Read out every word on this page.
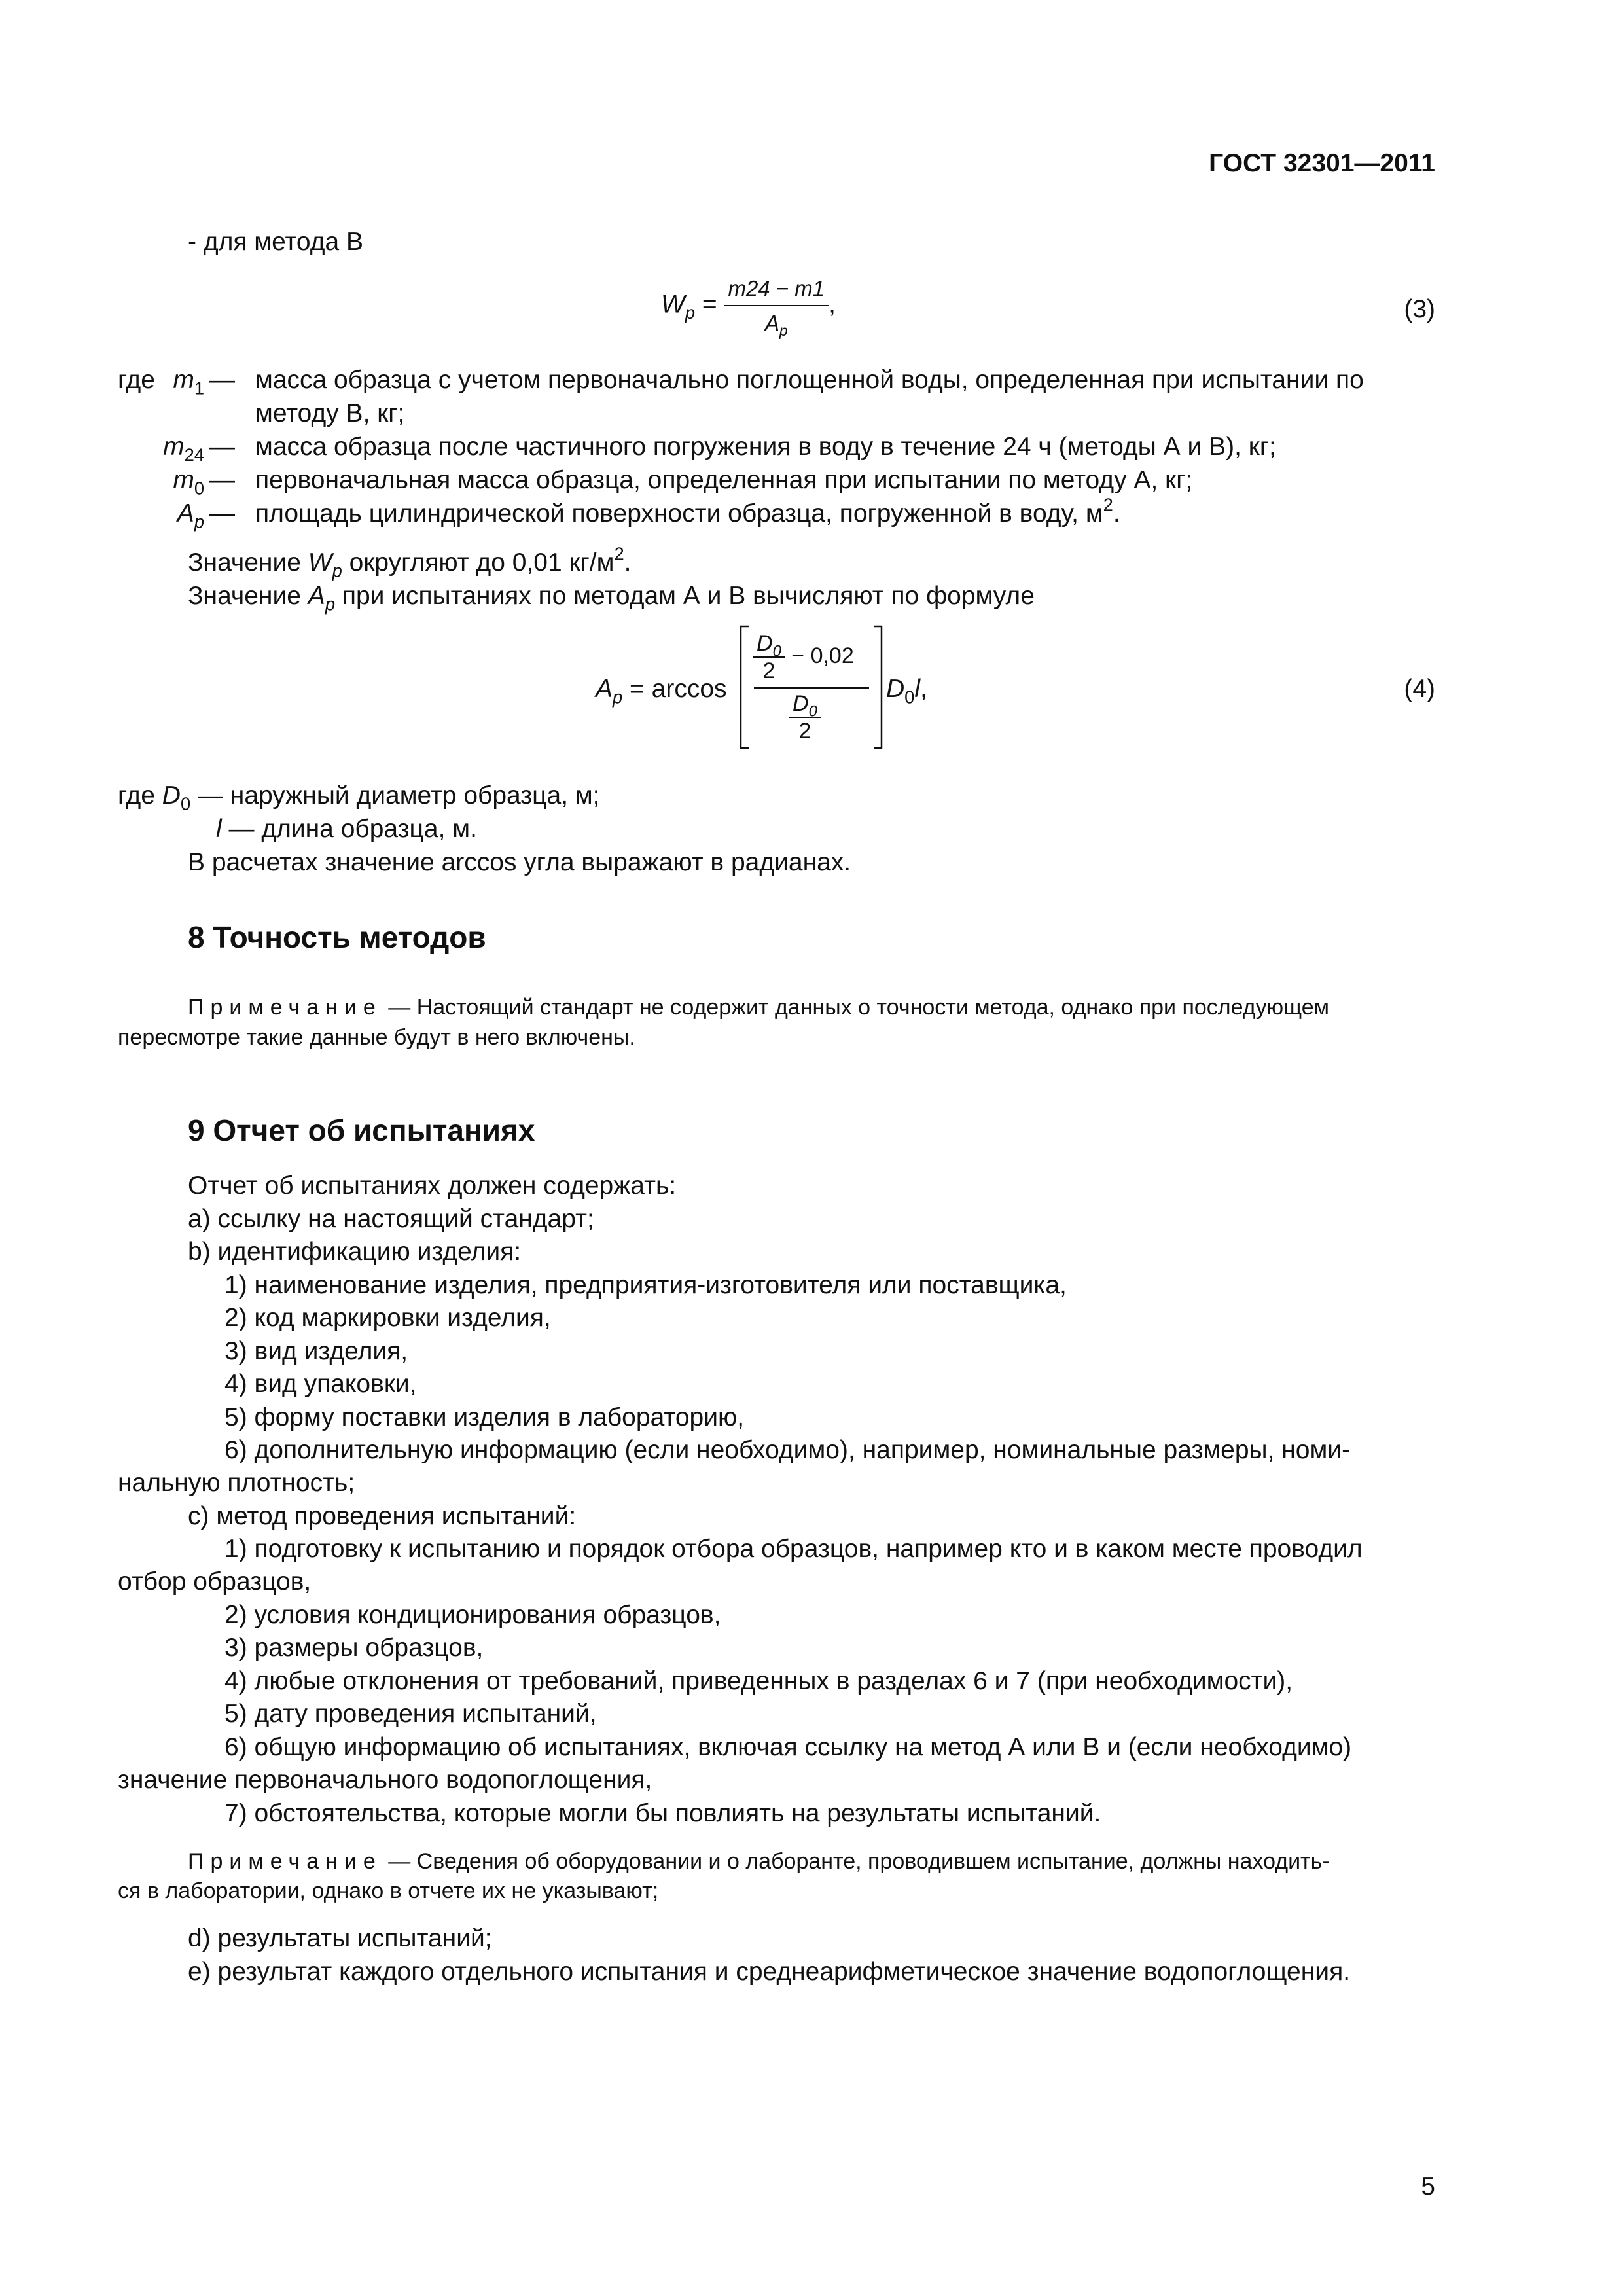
ГОСТ 32301—2011
- для метода В
$W_p = \frac{m24 - m1}{A_p}$ ,	(3)
где $m_1$ — масса образца с учетом первоначально поглощенной воды, определенная при испытании по
методу В, кг;
$m_{24}$ — масса образца после частичного погружения в воду в течение 24 ч (методы А и В), кг;
$m_0$ — первоначальная масса образца, определенная при испытании по методу А, кг;
$A_p$ — площадь цилиндрической поверхности образца, погруженной в воду, $м^2$.
Значение $W_p$ округляют до 0,01 $кг/м^2$.
Значение $A_p$ при испытаниях по методам А и В вычисляют по формуле
$A_p = \arccos$
$\frac{D_0}{2} - 0,02$
$\frac{D_0}{2}$
$D_0l$,	(4)
где $D_0$ — наружный диаметр образца, м;
l — длина образца, м.
В расчетах значение arccos угла выражают в радианах.
8 Точность методов
Примечание — Настоящий стандарт не содержит данных о точности метода, однако при последующем
пересмотре такие данные будут в него включены.
9 Отчет об испытаниях
Отчет об испытаниях должен содержать:
a) ссылку на настоящий стандарт;
b) идентификацию изделия:
1) наименование изделия, предприятия-изготовителя или поставщика,
2) код маркировки изделия,
3) вид изделия,
4) вид упаковки,
5) форму поставки изделия в лабораторию,
6) дополнительную информацию (если необходимо), например, номинальные размеры, номи-
нальную плотность;
c) метод проведения испытаний:
1) подготовку к испытанию и порядок отбора образцов, например кто и в каком месте проводил
отбор образцов,
2) условия кондиционирования образцов,
3) размеры образцов,
4) любые отклонения от требований, приведенных в разделах 6 и 7 (при необходимости),
5) дату проведения испытаний,
6) общую информацию об испытаниях, включая ссылку на метод А или В и (если необходимо)
значение первоначального водопоглощения,
7) обстоятельства, которые могли бы повлиять на результаты испытаний.
Примечание — Сведения об оборудовании и о лаборанте, проводившем испытание, должны находить-
ся в лаборатории, однако в отчете их не указывают;
d) результаты испытаний;
e) результат каждого отдельного испытания и среднеарифметическое значение водопоглощения.
5
